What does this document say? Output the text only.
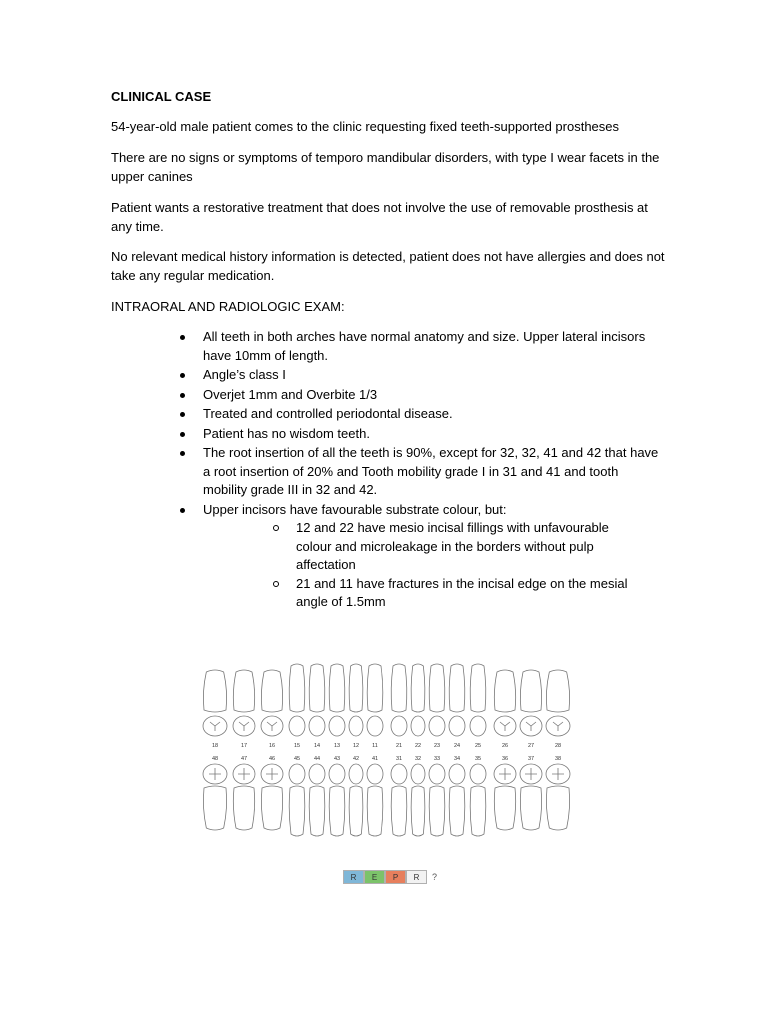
CLINICAL CASE
54-year-old male patient comes to the clinic requesting fixed teeth-supported prostheses
There are no signs or symptoms of temporo mandibular disorders, with type I wear facets in the upper canines
Patient wants a restorative treatment that does not involve the use of removable prosthesis at any time.
No relevant medical history information is detected, patient does not have allergies and does not take any regular medication.
INTRAORAL AND RADIOLOGIC EXAM:
All teeth in both arches have normal anatomy and size. Upper lateral incisors have 10mm of length.
Angle’s class I
Overjet 1mm and Overbite 1/3
Treated and controlled periodontal disease.
Patient has no wisdom teeth.
The root insertion of all the teeth is 90%, except for 32, 32, 41 and 42 that have a root insertion of 20% and Tooth mobility grade I in 31 and 41 and tooth mobility grade III in 32 and 42.
Upper incisors have favourable substrate colour, but:
12 and 22 have mesio incisal fillings with unfavourable colour and microleakage in the borders without pulp affectation
21 and 11 have fractures in the incisal edge on the mesial angle of 1.5mm
18
48
17
47
16
46
15
45
14
44
13
43
12
42
11
41
21
31
22
32
23
33
24
34
25
35
26
36
27
37
28
38
R	E	P	R	?
